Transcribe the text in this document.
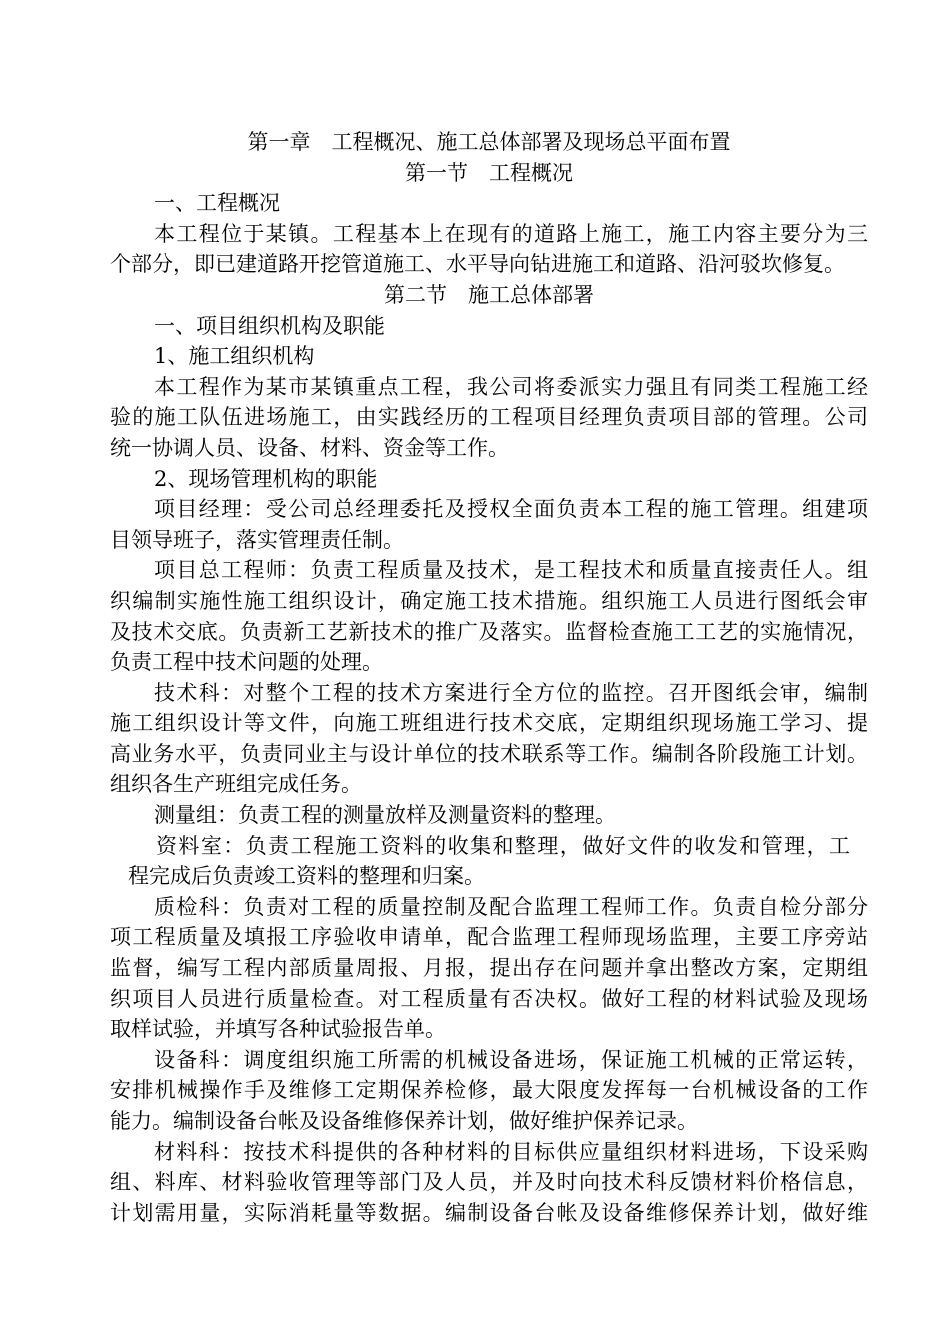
第一章　工程概况、施工总体部署及现场总平面布置
第一节　工程概况
一、工程概况
本工程位于某镇。工程基本上在现有的道路上施工，施工内容主要分为三
个部分，即已建道路开挖管道施工、水平导向钻进施工和道路、沿河驳坎修复。
第二节　施工总体部署
一、项目组织机构及职能
1、施工组织机构
本工程作为某市某镇重点工程，我公司将委派实力强且有同类工程施工经
验的施工队伍进场施工，由实践经历的工程项目经理负责项目部的管理。公司
统一协调人员、设备、材料、资金等工作。
2、现场管理机构的职能
项目经理：受公司总经理委托及授权全面负责本工程的施工管理。组建项
目领导班子，落实管理责任制。
项目总工程师：负责工程质量及技术，是工程技术和质量直接责任人。组
织编制实施性施工组织设计，确定施工技术措施。组织施工人员进行图纸会审
及技术交底。负责新工艺新技术的推广及落实。监督检查施工工艺的实施情况，
负责工程中技术问题的处理。
技术科：对整个工程的技术方案进行全方位的监控。召开图纸会审，编制
施工组织设计等文件，向施工班组进行技术交底，定期组织现场施工学习、提
高业务水平，负责同业主与设计单位的技术联系等工作。编制各阶段施工计划。
组织各生产班组完成任务。
测量组：负责工程的测量放样及测量资料的整理。
资料室：负责工程施工资料的收集和整理，做好文件的收发和管理，工
程完成后负责竣工资料的整理和归案。
质检科：负责对工程的质量控制及配合监理工程师工作。负责自检分部分
项工程质量及填报工序验收申请单，配合监理工程师现场监理，主要工序旁站
监督，编写工程内部质量周报、月报，提出存在问题并拿出整改方案，定期组
织项目人员进行质量检查。对工程质量有否决权。做好工程的材料试验及现场
取样试验，并填写各种试验报告单。
设备科：调度组织施工所需的机械设备进场，保证施工机械的正常运转，
安排机械操作手及维修工定期保养检修，最大限度发挥每一台机械设备的工作
能力。编制设备台帐及设备维修保养计划，做好维护保养记录。
材料科：按技术科提供的各种材料的目标供应量组织材料进场，下设采购
组、料库、材料验收管理等部门及人员，并及时向技术科反馈材料价格信息，
计划需用量，实际消耗量等数据。编制设备台帐及设备维修保养计划，做好维
